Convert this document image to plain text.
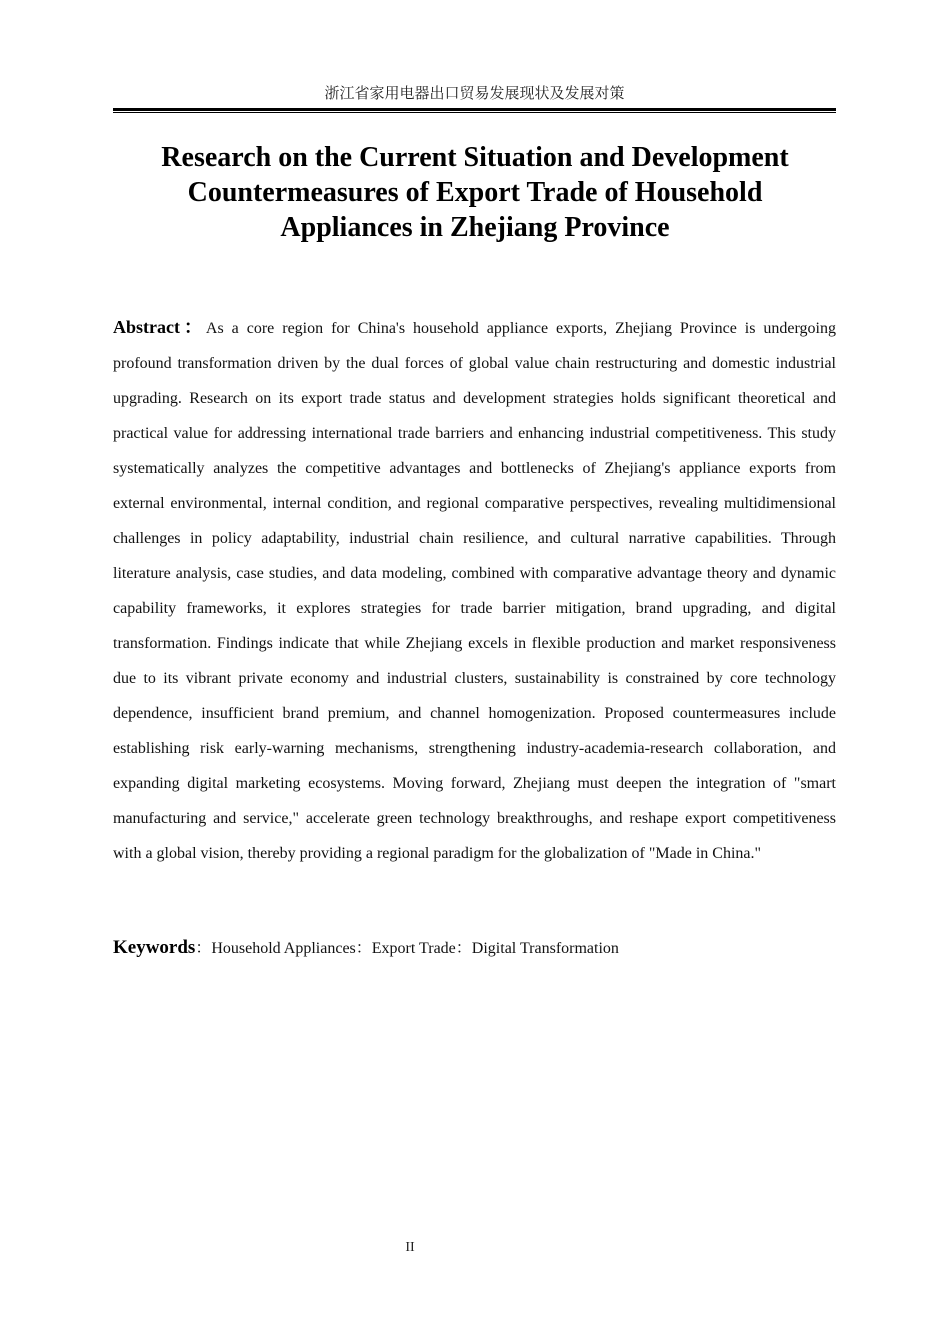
浙江省家用电器出口贸易发展现状及发展对策
Research on the Current Situation and Development
Countermeasures of Export Trade of Household
Appliances in Zhejiang Province

Abstract：As a core region for China's household appliance exports, Zhejiang Province is undergoing profound transformation driven by the dual forces of global value chain restructuring and domestic industrial upgrading. Research on its export trade status and development strategies holds significant theoretical and practical value for addressing international trade barriers and enhancing industrial competitiveness. This study systematically analyzes the competitive advantages and bottlenecks of Zhejiang's appliance exports from external environmental, internal condition, and regional comparative perspectives, revealing multidimensional challenges in policy adaptability, industrial chain resilience, and cultural narrative capabilities. Through literature analysis, case studies, and data modeling, combined with comparative advantage theory and dynamic capability frameworks, it explores strategies for trade barrier mitigation, brand upgrading, and digital transformation. Findings indicate that while Zhejiang excels in flexible production and market responsiveness due to its vibrant private economy and industrial clusters, sustainability is constrained by core technology dependence, insufficient brand premium, and channel homogenization. Proposed countermeasures include establishing risk early-warning mechanisms, strengthening industry-academia-research collaboration, and expanding digital marketing ecosystems. Moving forward, Zhejiang must deepen the integration of "smart manufacturing and service," accelerate green technology breakthroughs, and reshape export competitiveness with a global vision, thereby providing a regional paradigm for the globalization of "Made in China."

Keywords：Household Appliances：Export Trade：Digital Transformation

II
